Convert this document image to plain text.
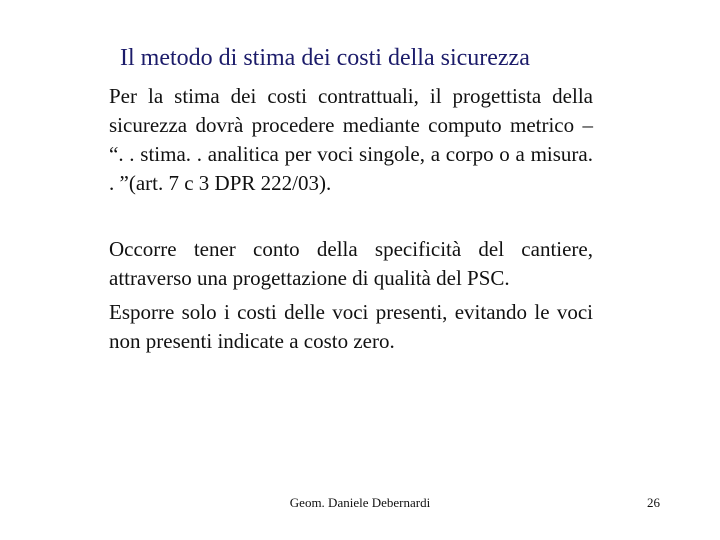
Il metodo di stima dei costi della sicurezza
Per la stima dei costi contrattuali, il progettista della sicurezza dovrà procedere mediante computo metrico – “. . stima. . analitica per voci singole, a corpo o a misura. . ”(art. 7 c 3 DPR 222/03).
Occorre tener conto della specificità del cantiere, attraverso una progettazione di qualità del PSC.
Esporre solo i costi delle voci presenti, evitando le voci non presenti indicate a costo zero.
Geom. Daniele Debernardi	26
